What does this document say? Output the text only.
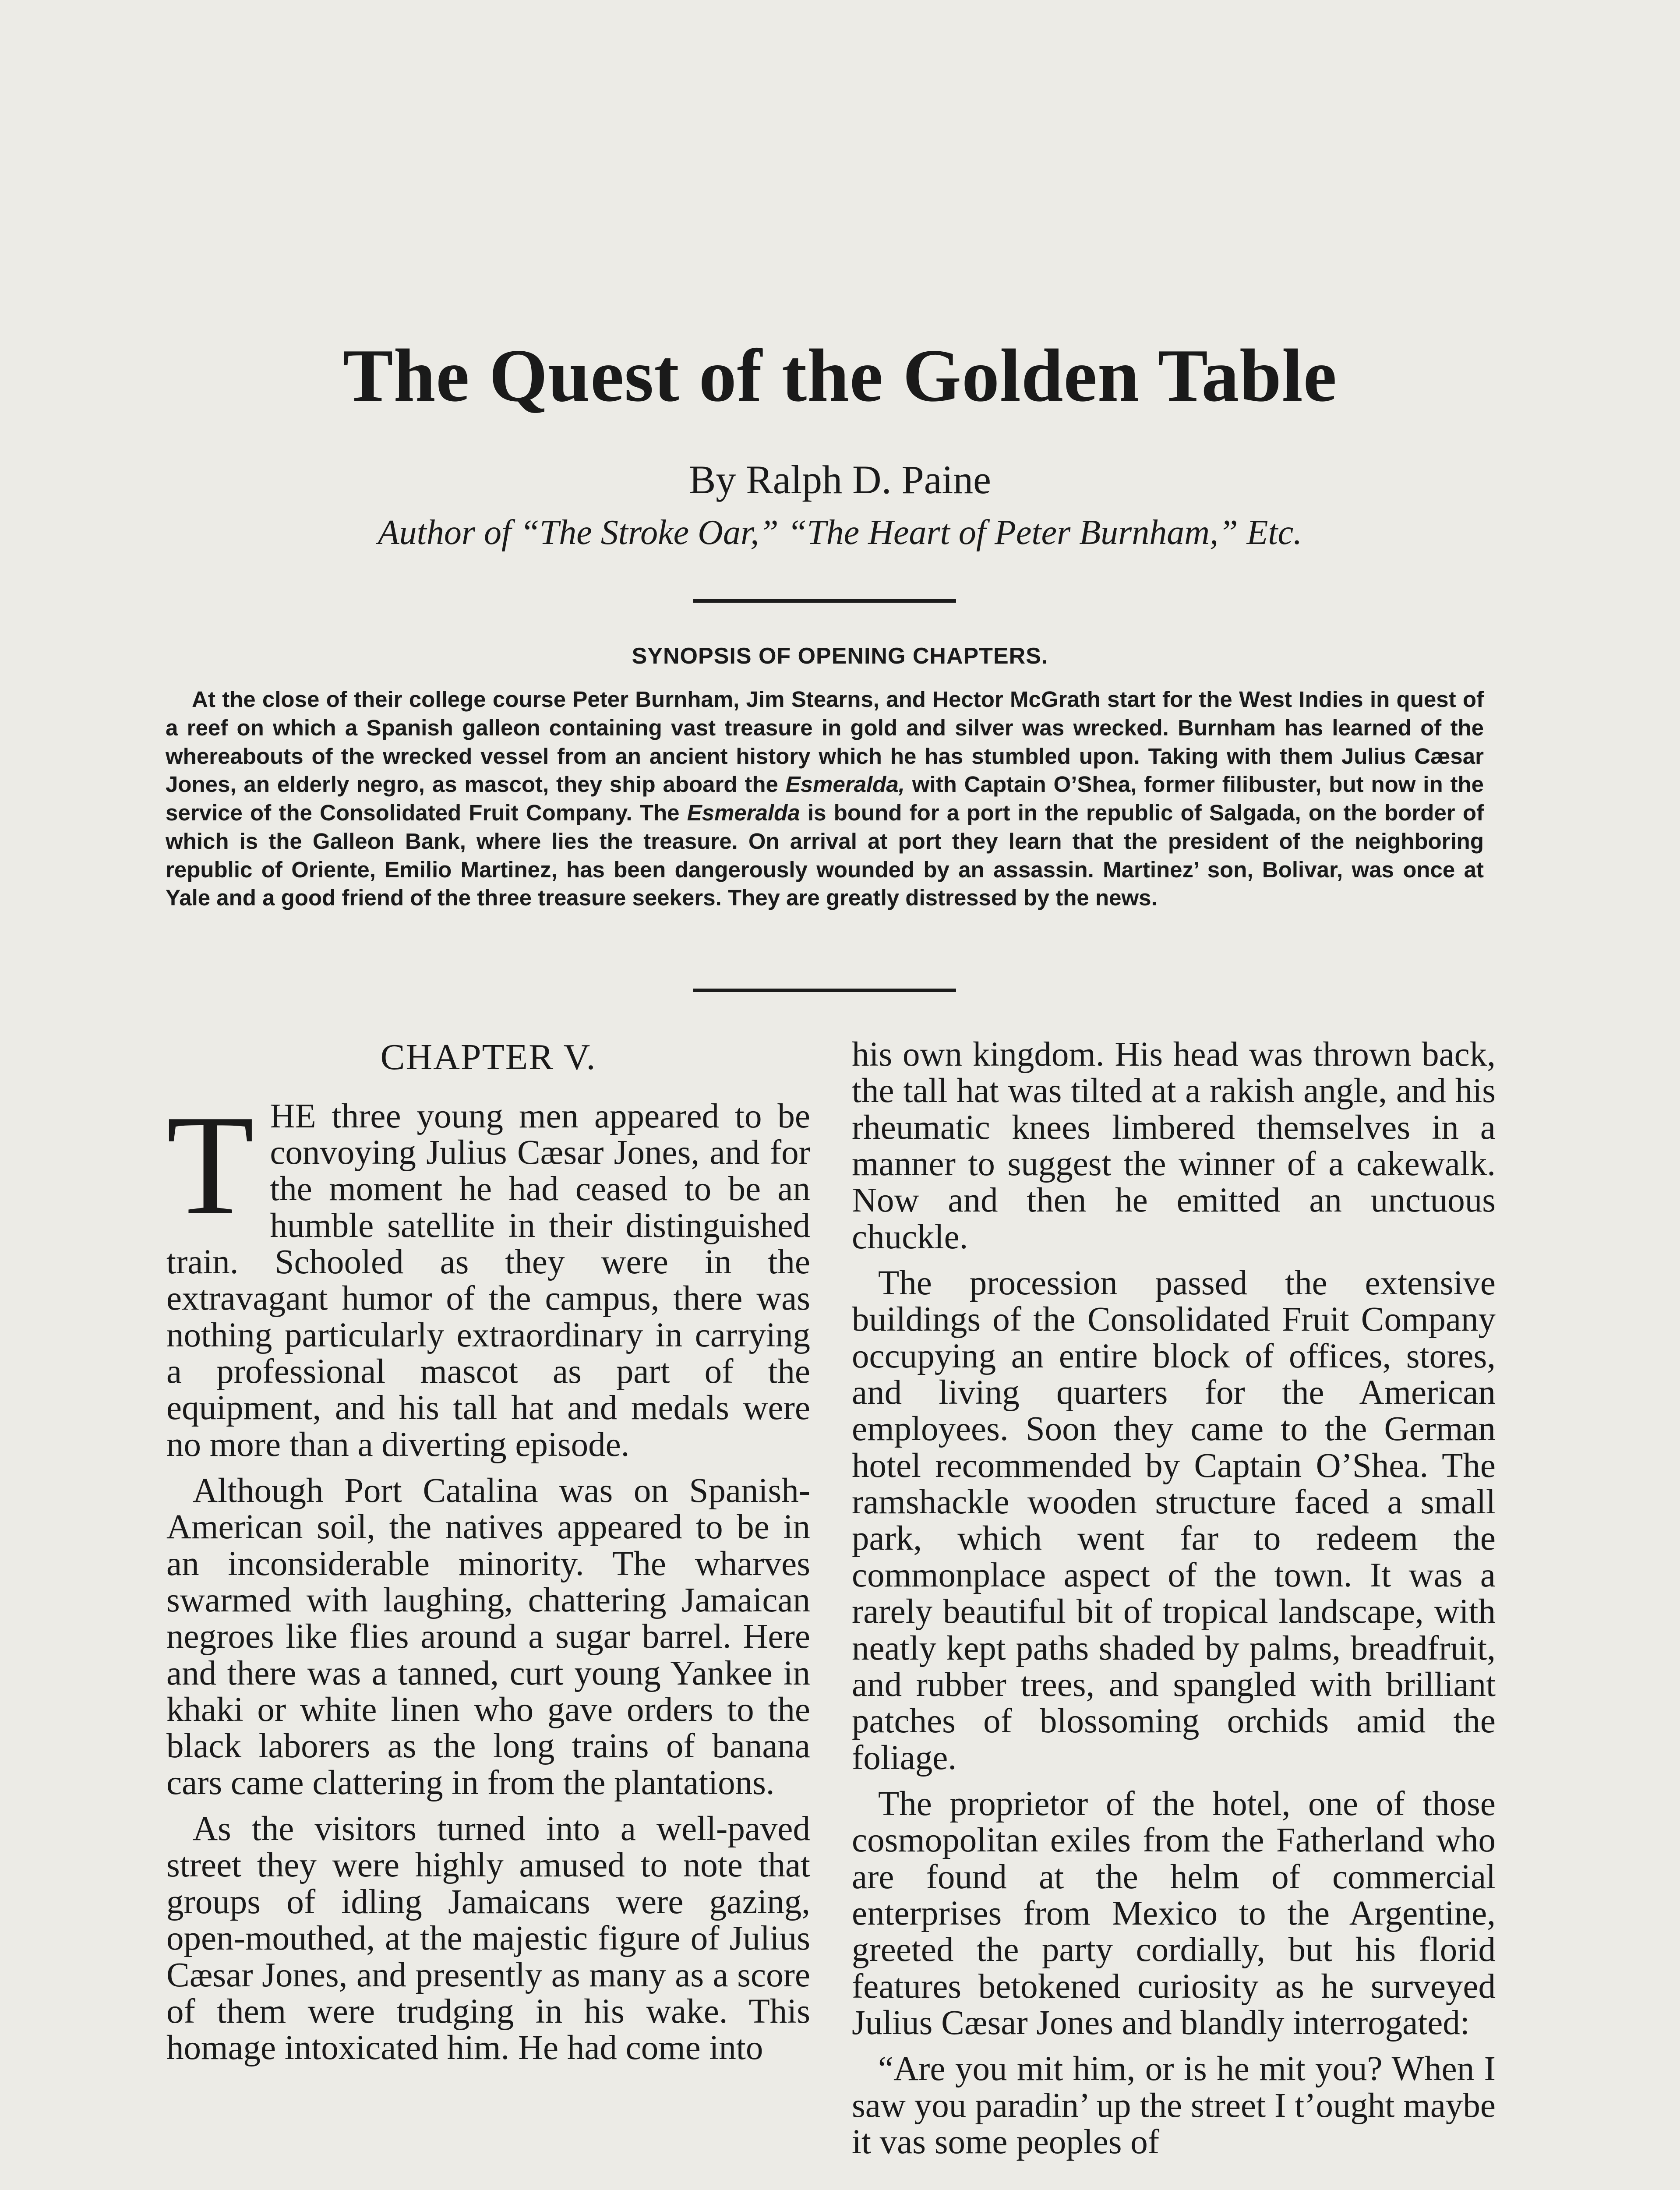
The Quest of the Golden Table
By Ralph D. Paine
Author of “The Stroke Oar,” “The Heart of Peter Burnham,” Etc.
SYNOPSIS OF OPENING CHAPTERS.

At the close of their college course Peter Burnham, Jim Stearns, and Hector McGrath start for the West Indies in quest of a reef on which a Spanish galleon containing vast treasure in gold and silver was wrecked. Burnham has learned of the whereabouts of the wrecked vessel from an ancient history which he has stumbled upon. Taking with them Julius Cæsar Jones, an elderly negro, as mascot, they ship aboard the Esmeralda, with Captain O’Shea, former filibuster, but now in the service of the Consolidated Fruit Company. The Esmeralda is bound for a port in the republic of Salgada, on the border of which is the Galleon Bank, where lies the treasure. On arrival at port they learn that the president of the neighboring republic of Oriente, Emilio Martinez, has been dangerously wounded by an assassin. Martinez’ son, Bolivar, was once at Yale and a good friend of the three treasure seekers. They are greatly distressed by the news.

CHAPTER V.

THE three young men appeared to be convoying Julius Cæsar Jones, and for the moment he had ceased to be an humble satellite in their distinguished train. Schooled as they were in the extravagant humor of the campus, there was nothing particularly extraordinary in carrying a professional mascot as part of the equipment, and his tall hat and medals were no more than a diverting episode.

Although Port Catalina was on Spanish-American soil, the natives appeared to be in an inconsiderable minority. The wharves swarmed with laughing, chattering Jamaican negroes like flies around a sugar barrel. Here and there was a tanned, curt young Yankee in khaki or white linen who gave orders to the black laborers as the long trains of banana cars came clattering in from the plantations.

As the visitors turned into a well-paved street they were highly amused to note that groups of idling Jamaicans were gazing, open-mouthed, at the majestic figure of Julius Cæsar Jones, and presently as many as a score of them were trudging in his wake. This homage intoxicated him. He had come into

his own kingdom. His head was thrown back, the tall hat was tilted at a rakish angle, and his rheumatic knees limbered themselves in a manner to suggest the winner of a cakewalk. Now and then he emitted an unctuous chuckle.

The procession passed the extensive buildings of the Consolidated Fruit Company occupying an entire block of offices, stores, and living quarters for the American employees. Soon they came to the German hotel recommended by Captain O’Shea. The ramshackle wooden structure faced a small park, which went far to redeem the commonplace aspect of the town. It was a rarely beautiful bit of tropical landscape, with neatly kept paths shaded by palms, breadfruit, and rubber trees, and spangled with brilliant patches of blossoming orchids amid the foliage.

The proprietor of the hotel, one of those cosmopolitan exiles from the Fatherland who are found at the helm of commercial enterprises from Mexico to the Argentine, greeted the party cordially, but his florid features betokened curiosity as he surveyed Julius Cæsar Jones and blandly interrogated:

“Are you mit him, or is he mit you? When I saw you paradin’ up the street I t’ought maybe it vas some peoples of
